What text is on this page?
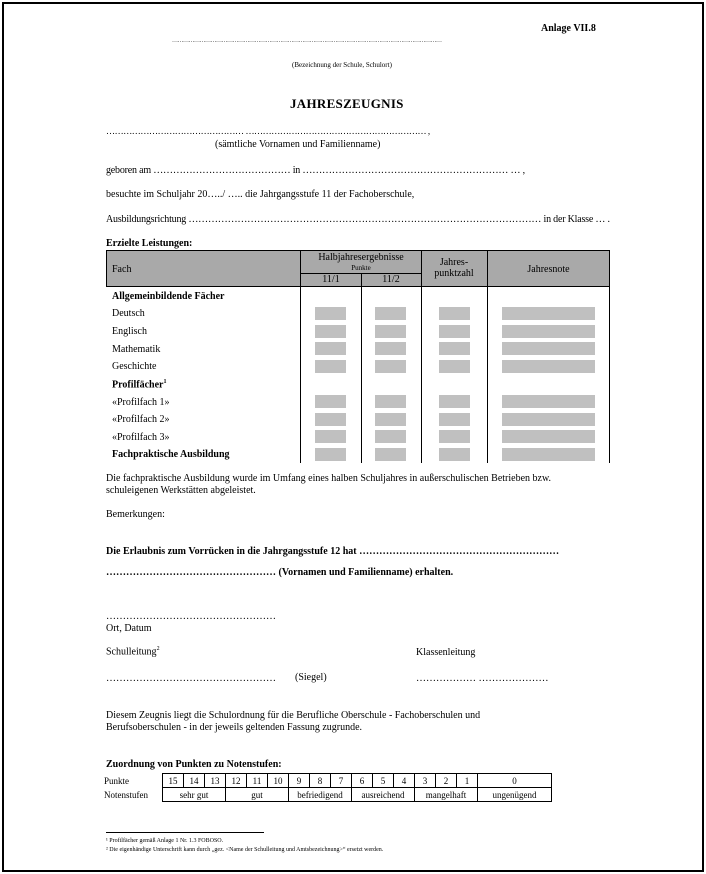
Anlage VII.8
…………………………………………………………………………………………………………………………………
(Bezeichnung der Schule, Schulort)
JAHRESZEUGNIS
………………………………………… ……………………………………………………… ,
(sämtliche Vornamen und Familienname)
geboren am …………………………………… in ……………………………………………………… … ,
besuchte im Schuljahr 20…../ ….. die Jahrgangsstufe 11 der Fachoberschule,
Ausbildungsrichtung ……………………………………………………………………………………………… in der Klasse … .
Erzielte Leistungen:
Fach
Halbjahresergebnisse
Punkte
11/1	11/2
Jahres-
punktzahl	Jahresnote
Allgemeinbildende Fächer
Deutsch
Englisch
Mathematik
Geschichte
Profilfächer$^1$
«Profilfach 1»
«Profilfach 2»
«Profilfach 3»
Fachpraktische Ausbildung
Die fachpraktische Ausbildung wurde im Umfang eines halben Schuljahres in außerschulischen Betrieben bzw.
schuleigenen Werkstätten abgeleistet.
Bemerkungen:
Die Erlaubnis zum Vorrücken in die Jahrgangsstufe 12 hat ……………………………………………………
…………………………………………… (Vornamen und Familienname) erhalten.
……………………………………………
Ort, Datum
Schulleitung$^2$	Klassenleitung
…………………………………………… (Siegel)	……………… …………………
Diesem Zeugnis liegt die Schulordnung für die Berufliche Oberschule - Fachoberschulen und
Berufsoberschulen - in der jeweils geltenden Fassung zugrunde.
Zuordnung von Punkten zu Notenstufen:
Punkte	15	14	13	12	11	10	9	8	7	6	5	4	3	2	1	0
Notenstufen	sehr gut			gut			befriedigend			ausreichend			mangelhaft			ungenügend
¹ Profilfächer gemäß Anlage 1 Nr. 1.3 FOBOSO.
² Die eigenhändige Unterschrift kann durch „gez. <Name der Schulleitung und Amtsbezeichnung>“ ersetzt werden.
